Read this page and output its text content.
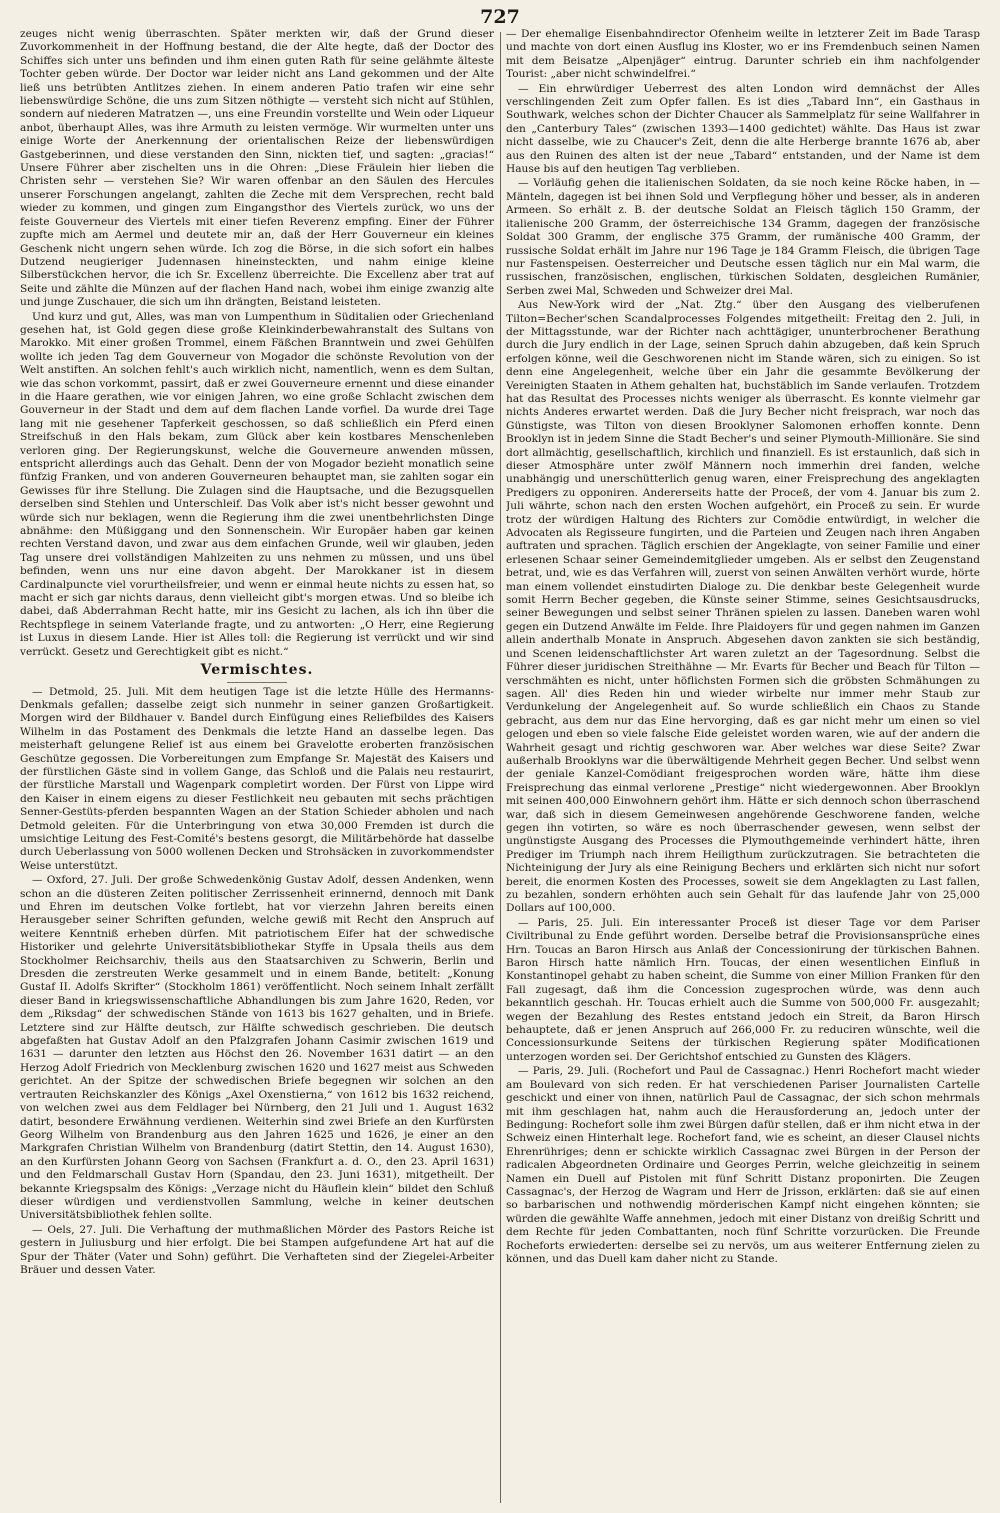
727

zeuges nicht wenig überraschten. Später merkten wir, daß der Grund dieser Zuvorkommenheit in der Hoffnung bestand, die der Alte hegte, daß der Doctor des Schiffes sich unter uns befinden und ihm einen guten Rath für seine gelähmte älteste Tochter geben würde. Der Doctor war leider nicht ans Land gekommen und der Alte ließ uns betrübten Antlitzes ziehen. In einem anderen Patio trafen wir eine sehr liebenswürdige Schöne, die uns zum Sitzen nöthigte — versteht sich nicht auf Stühlen, sondern auf niederen Matratzen —, uns eine Freundin vorstellte und Wein oder Liqueur anbot, überhaupt Alles, was ihre Armuth zu leisten vermöge. Wir wurmelten unter uns einige Worte der Anerkennung der orientalischen Reize der liebenswürdigen Gastgeberinnen, und diese verstanden den Sinn, nickten tief, und sagten: „gracias!“ Unsere Führer aber zischelten uns in die Ohren: „Diese Fräulein hier lieben die Christen sehr — verstehen Sie? Wir waren offenbar an den Säulen des Hercules unserer Forschungen angelangt, zahlten die Zeche mit dem Versprechen, recht bald wieder zu kommen, und gingen zum Eingangsthor des Viertels zurück, wo uns der feiste Gouverneur des Viertels mit einer tiefen Reverenz empfing. Einer der Führer zupfte mich am Aermel und deutete mir an, daß der Herr Gouverneur ein kleines Geschenk nicht ungern sehen würde. Ich zog die Börse, in die sich sofort ein halbes Dutzend neugieriger Judennasen hineinsteckten, und nahm einige kleine Silberstückchen hervor, die ich Sr. Excellenz überreichte. Die Excellenz aber trat auf Seite und zählte die Münzen auf der flachen Hand nach, wobei ihm einige zwanzig alte und junge Zuschauer, die sich um ihn drängten, Beistand leisteten.

Und kurz und gut, Alles, was man von Lumpenthum in Süditalien oder Griechenland gesehen hat, ist Gold gegen diese große Kleinkinderbewahranstalt des Sultans von Marokko. Mit einer großen Trommel, einem Fäßchen Branntwein und zwei Gehülfen wollte ich jeden Tag dem Gouverneur von Mogador die schönste Revolution von der Welt anstiften. An solchen fehlt's auch wirklich nicht, namentlich, wenn es dem Sultan, wie das schon vorkommt, passirt, daß er zwei Gouverneure ernennt und diese einander in die Haare gerathen, wie vor einigen Jahren, wo eine große Schlacht zwischen dem Gouverneur in der Stadt und dem auf dem flachen Lande vorfiel. Da wurde drei Tage lang mit nie gesehener Tapferkeit geschossen, so daß schließlich ein Pferd einen Streifschuß in den Hals bekam, zum Glück aber kein kostbares Menschenleben verloren ging. Der Regierungskunst, welche die Gouverneure anwenden müssen, entspricht allerdings auch das Gehalt. Denn der von Mogador bezieht monatlich seine fünfzig Franken, und von anderen Gouverneuren behauptet man, sie zahlten sogar ein Gewisses für ihre Stellung. Die Zulagen sind die Hauptsache, und die Bezugsquellen derselben sind Stehlen und Unterschleif. Das Volk aber ist's nicht besser gewohnt und würde sich nur beklagen, wenn die Regierung ihm die zwei unentbehrlichsten Dinge abnähme: den Müßiggang und den Sonnenschein. Wir Europäer haben gar keinen rechten Verstand davon, und zwar aus dem einfachen Grunde, weil wir glauben, jeden Tag unsere drei vollständigen Mahlzeiten zu uns nehmen zu müssen, und uns übel befinden, wenn uns nur eine davon abgeht. Der Marokkaner ist in diesem Cardinalpuncte viel vorurtheilsfreier, und wenn er einmal heute nichts zu essen hat, so macht er sich gar nichts daraus, denn vielleicht gibt's morgen etwas. Und so bleibe ich dabei, daß Abderrahman Recht hatte, mir ins Gesicht zu lachen, als ich ihn über die Rechtspflege in seinem Vaterlande fragte, und zu antworten: „O Herr, eine Regierung ist Luxus in diesem Lande. Hier ist Alles toll: die Regierung ist verrückt und wir sind verrückt. Gesetz und Gerechtigkeit gibt es nicht.“

Vermischtes.

— Detmold, 25. Juli. Mit dem heutigen Tage ist die letzte Hülle des Hermanns-Denkmals gefallen; dasselbe zeigt sich nunmehr in seiner ganzen Großartigkeit. Morgen wird der Bildhauer v. Bandel durch Einfügung eines Reliefbildes des Kaisers Wilhelm in das Postament des Denkmals die letzte Hand an dasselbe legen. Das meisterhaft gelungene Relief ist aus einem bei Gravelotte eroberten französischen Geschütze gegossen. Die Vorbereitungen zum Empfange Sr. Majestät des Kaisers und der fürstlichen Gäste sind in vollem Gange, das Schloß und die Palais neu restaurirt, der fürstliche Marstall und Wagenpark completirt worden. Der Fürst von Lippe wird den Kaiser in einem eigens zu dieser Festlichkeit neu gebauten mit sechs prächtigen Senner-Gestüts-pferden bespannten Wagen an der Station Schieder abholen und nach Detmold geleiten. Für die Unterbringung von etwa 30,000 Fremden ist durch die umsichtige Leitung des Fest-Comité's bestens gesorgt, die Militärbehörde hat dasselbe durch Ueberlassung von 5000 wollenen Decken und Strohsäcken in zuvorkommendster Weise unterstützt.

— Oxford, 27. Juli. Der große Schwedenkönig Gustav Adolf, dessen Andenken, wenn schon an die düsteren Zeiten politischer Zerrissenheit erinnernd, dennoch mit Dank und Ehren im deutschen Volke fortlebt, hat vor vierzehn Jahren bereits einen Herausgeber seiner Schriften gefunden, welche gewiß mit Recht den Anspruch auf weitere Kenntniß erheben dürfen. Mit patriotischem Eifer hat der schwedische Historiker und gelehrte Universitätsbibliothekar Styffe in Upsala theils aus dem Stockholmer Reichsarchiv, theils aus den Staatsarchiven zu Schwerin, Berlin und Dresden die zerstreuten Werke gesammelt und in einem Bande, betitelt: „Konung Gustaf II. Adolfs Skrifter“ (Stockholm 1861) veröffentlicht. Noch seinem Inhalt zerfällt dieser Band in kriegswissenschaftliche Abhandlungen bis zum Jahre 1620, Reden, vor dem „Riksdag“ der schwedischen Stände von 1613 bis 1627 gehalten, und in Briefe. Letztere sind zur Hälfte deutsch, zur Hälfte schwedisch geschrieben. Die deutsch abgefaßten hat Gustav Adolf an den Pfalzgrafen Johann Casimir zwischen 1619 und 1631 — darunter den letzten aus Höchst den 26. November 1631 datirt — an den Herzog Adolf Friedrich von Mecklenburg zwischen 1620 und 1627 meist aus Schweden gerichtet. An der Spitze der schwedischen Briefe begegnen wir solchen an den vertrauten Reichskanzler des Königs „Axel Oxenstierna,“ von 1612 bis 1632 reichend, von welchen zwei aus dem Feldlager bei Nürnberg, den 21 Juli und 1. August 1632 datirt, besondere Erwähnung verdienen. Weiterhin sind zwei Briefe an den Kurfürsten Georg Wilhelm von Brandenburg aus den Jahren 1625 und 1626, je einer an den Markgrafen Christian Wilhelm von Brandenburg (datirt Stettin, den 14. August 1630), an den Kurfürsten Johann Georg von Sachsen (Frankfurt a. d. O., den 23. April 1631) und den Feldmarschall Gustav Horn (Spandau, den 23. Juni 1631), mitgetheilt. Der bekannte Kriegspsalm des Königs: „Verzage nicht du Häuflein klein“ bildet den Schluß dieser würdigen und verdienstvollen Sammlung, welche in keiner deutschen Universitätsbibliothek fehlen sollte.

— Oels, 27. Juli. Die Verhaftung der muthmaßlichen Mörder des Pastors Reiche ist gestern in Juliusburg und hier erfolgt. Die bei Stampen aufgefundene Art hat auf die Spur der Thäter (Vater und Sohn) geführt. Die Verhafteten sind der Ziegelei-Arbeiter Bräuer und dessen Vater.

— Der ehemalige Eisenbahndirector Ofenheim weilte in letzterer Zeit im Bade Tarasp und machte von dort einen Ausflug ins Kloster, wo er ins Fremdenbuch seinen Namen mit dem Beisatze „Alpenjäger“ eintrug. Darunter schrieb ein ihm nachfolgender Tourist: „aber nicht schwindelfrei.“

— Ein ehrwürdiger Ueberrest des alten London wird demnächst der Alles verschlingenden Zeit zum Opfer fallen. Es ist dies „Tabard Inn“, ein Gasthaus in Southwark, welches schon der Dichter Chaucer als Sammelplatz für seine Wallfahrer in den „Canterbury Tales“ (zwischen 1393—1400 gedichtet) wählte. Das Haus ist zwar nicht dasselbe, wie zu Chaucer's Zeit, denn die alte Herberge brannte 1676 ab, aber aus den Ruinen des alten ist der neue „Tabard“ entstanden, und der Name ist dem Hause bis auf den heutigen Tag verblieben.

— Vorläufig gehen die italienischen Soldaten, da sie noch keine Röcke haben, in — Mänteln, dagegen ist bei ihnen Sold und Verpflegung höher und besser, als in anderen Armeen. So erhält z. B. der deutsche Soldat an Fleisch täglich 150 Gramm, der italienische 200 Gramm, der österreichische 134 Gramm, dagegen der französische Soldat 300 Gramm, der englische 375 Gramm, der rumänische 400 Gramm, der russische Soldat erhält im Jahre nur 196 Tage je 184 Gramm Fleisch, die übrigen Tage nur Fastenspeisen. Oesterreicher und Deutsche essen täglich nur ein Mal warm, die russischen, französischen, englischen, türkischen Soldaten, desgleichen Rumänier, Serben zwei Mal, Schweden und Schweizer drei Mal.

Aus New-York wird der „Nat. Ztg.“ über den Ausgang des vielberufenen Tilton=Becher'schen Scandalprocesses Folgendes mitgetheilt: Freitag den 2. Juli, in der Mittagsstunde, war der Richter nach achttägiger, ununterbrochener Berathung durch die Jury endlich in der Lage, seinen Spruch dahin abzugeben, daß kein Spruch erfolgen könne, weil die Geschworenen nicht im Stande wären, sich zu einigen. So ist denn eine Angelegenheit, welche über ein Jahr die gesammte Bevölkerung der Vereinigten Staaten in Athem gehalten hat, buchstäblich im Sande verlaufen. Trotzdem hat das Resultat des Processes nichts weniger als überrascht. Es konnte vielmehr gar nichts Anderes erwartet werden. Daß die Jury Becher nicht freisprach, war noch das Günstigste, was Tilton von diesen Brooklyner Salomonen erhoffen konnte. Denn Brooklyn ist in jedem Sinne die Stadt Becher's und seiner Plymouth-Millionäre. Sie sind dort allmächtig, gesellschaftlich, kirchlich und finanziell. Es ist erstaunlich, daß sich in dieser Atmosphäre unter zwölf Männern noch immerhin drei fanden, welche unabhängig und unerschütterlich genug waren, einer Freisprechung des angeklagten Predigers zu opponiren. Andererseits hatte der Proceß, der vom 4. Januar bis zum 2. Juli währte, schon nach den ersten Wochen aufgehört, ein Proceß zu sein. Er wurde trotz der würdigen Haltung des Richters zur Comödie entwürdigt, in welcher die Advocaten als Regisseure fungirten, und die Parteien und Zeugen nach ihren Angaben auftraten und sprachen. Täglich erschien der Angeklagte, von seiner Familie und einer erlesenen Schaar seiner Gemeindemitglieder umgeben. Als er selbst den Zeugenstand betrat, und, wie es das Verfahren will, zuerst von seinen Anwälten verhört wurde, hörte man einem vollendet einstudirten Dialoge zu. Die denkbar beste Gelegenheit wurde somit Herrn Becher gegeben, die Künste seiner Stimme, seines Gesichtsausdrucks, seiner Bewegungen und selbst seiner Thränen spielen zu lassen. Daneben waren wohl gegen ein Dutzend Anwälte im Felde. Ihre Plaidoyers für und gegen nahmen im Ganzen allein anderthalb Monate in Anspruch. Abgesehen davon zankten sie sich beständig, und Scenen leidenschaftlichster Art waren zuletzt an der Tagesordnung. Selbst die Führer dieser juridischen Streithähne — Mr. Evarts für Becher und Beach für Tilton — verschmähten es nicht, unter höflichsten Formen sich die gröbsten Schmähungen zu sagen. All' dies Reden hin und wieder wirbelte nur immer mehr Staub zur Verdunkelung der Angelegenheit auf. So wurde schließlich ein Chaos zu Stande gebracht, aus dem nur das Eine hervorging, daß es gar nicht mehr um einen so viel gelogen und eben so viele falsche Eide geleistet worden waren, wie auf der andern die Wahrheit gesagt und richtig geschworen war. Aber welches war diese Seite? Zwar außerhalb Brooklyns war die überwältigende Mehrheit gegen Becher. Und selbst wenn der geniale Kanzel-Comödiant freigesprochen worden wäre, hätte ihm diese Freisprechung das einmal verlorene „Prestige“ nicht wiedergewonnen. Aber Brooklyn mit seinen 400,000 Einwohnern gehört ihm. Hätte er sich dennoch schon überraschend war, daß sich in diesem Gemeinwesen angehörende Geschworene fanden, welche gegen ihn votirten, so wäre es noch überraschender gewesen, wenn selbst der ungünstigste Ausgang des Processes die Plymouthgemeinde verhindert hätte, ihren Prediger im Triumph nach ihrem Heiligthum zurückzutragen. Sie betrachteten die Nichteinigung der Jury als eine Reinigung Bechers und erklärten sich nicht nur sofort bereit, die enormen Kosten des Processes, soweit sie dem Angeklagten zu Last fallen, zu bezahlen, sondern erhöhten auch sein Gehalt für das laufende Jahr von 25,000 Dollars auf 100,000.

— Paris, 25. Juli. Ein interessanter Proceß ist dieser Tage vor dem Pariser Civiltribunal zu Ende geführt worden. Derselbe betraf die Provisionsansprüche eines Hrn. Toucas an Baron Hirsch aus Anlaß der Concessionirung der türkischen Bahnen. Baron Hirsch hatte nämlich Hrn. Toucas, der einen wesentlichen Einfluß in Konstantinopel gehabt zu haben scheint, die Summe von einer Million Franken für den Fall zugesagt, daß ihm die Concession zugesprochen würde, was denn auch bekanntlich geschah. Hr. Toucas erhielt auch die Summe von 500,000 Fr. ausgezahlt; wegen der Bezahlung des Restes entstand jedoch ein Streit, da Baron Hirsch behauptete, daß er jenen Anspruch auf 266,000 Fr. zu reduciren wünschte, weil die Concessionsurkunde Seitens der türkischen Regierung später Modificationen unterzogen worden sei. Der Gerichtshof entschied zu Gunsten des Klägers.

— Paris, 29. Juli. (Rochefort und Paul de Cassagnac.) Henri Rochefort macht wieder am Boulevard von sich reden. Er hat verschiedenen Pariser Journalisten Cartelle geschickt und einer von ihnen, natürlich Paul de Cassagnac, der sich schon mehrmals mit ihm geschlagen hat, nahm auch die Herausforderung an, jedoch unter der Bedingung: Rochefort solle ihm zwei Bürgen dafür stellen, daß er ihm nicht etwa in der Schweiz einen Hinterhalt lege. Rochefort fand, wie es scheint, an dieser Clausel nichts Ehrenrühriges; denn er schickte wirklich Cassagnac zwei Bürgen in der Person der radicalen Abgeordneten Ordinaire und Georges Perrin, welche gleichzeitig in seinem Namen ein Duell auf Pistolen mit fünf Schritt Distanz proponirten. Die Zeugen Cassagnac's, der Herzog de Wagram und Herr de Jrisson, erklärten: daß sie auf einen so barbarischen und nothwendig mörderischen Kampf nicht eingehen könnten; sie würden die gewählte Waffe annehmen, jedoch mit einer Distanz von dreißig Schritt und dem Rechte für jeden Combattanten, noch fünf Schritte vorzurücken. Die Freunde Rocheforts erwiederten: derselbe sei zu nervös, um aus weiterer Entfernung zielen zu können, und das Duell kam daher nicht zu Stande.
